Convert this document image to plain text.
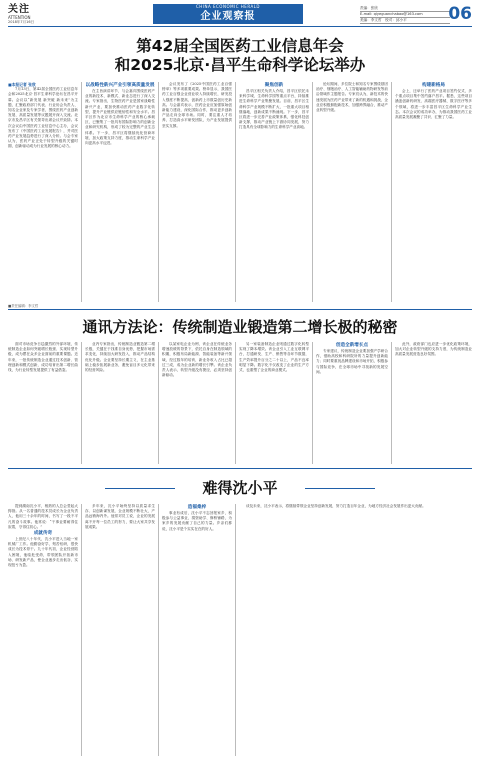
关注
ATTENTION
2018年7月16日
CHINA ECONOMIC HERALD
企业观察报
责编：张欣
E-mail: qiyeguanchabao@163.com
美编：李文哲　校对：邱小平	06
第42届全国医药工业信息年会
和2025北京·昌平生命科学论坛举办

■本报记者 张欣

7月13日，第42届全国医药工业信息年会和2025北京·昌平生命科学论坛在昌平开幕。会议以“新发展 新突破 新未来”为主题，汇聚政府部门代表、行业协会负责人、知名企业家及专家学者，围绕医药产业创新发展、高质量发展等议题展开深入交流。北京市及昌平区有关领导出席会议并致辞。本次会议由中国医药工业信息中心主办，会议发布了《中国医药工业发展报告》，并对医药产业发展趋势进行了深入分析。与会专家认为，医药产业正处于转型升级的关键时期，创新驱动成为行业发展的核心动力。

以战略性新兴产业引领高质量发展

在主旨演讲环节，与会嘉宾围绕医药产业的新技术、新模式、新业态进行了深入交流。专家指出，生物医药产业是国家战略性新兴产业，要加快推动医药产业数字化转型，提升产业链供应链韧性和安全水平。昌平区作为北京市生命科学产业的核心承载区，已聚集了一批具有国际影响力的创新企业和研究机构，形成了较为完整的产业生态体系。下一步，昌平区将继续优化营商环境，加大政策支持力度，推动生命科学产业向更高水平迈进。

会议发布了《2025中国医药工业百强榜单》等多项重要成果。榜单显示，我国医药工业百强企业营业收入持续增长，研发投入强度不断提高，创新药上市数量创历史新高。与会嘉宾表示，医药企业应加强原始创新能力建设，深化国际合作，推动更多创新产品走向全球市场。同时，要注重人才培养，打造高水平研发团队，为产业发展提供坚实支撑。

聚焦创新

昌平区相关负责人介绍，昌平区依托未来科学城、生命科学园等重点平台，持续推进生命科学产业集聚发展。目前，昌平区生命科学产业规模不断扩大，一批重大项目相继落地，创新成果不断涌现。下一步，昌平区将进一步完善产业政策体系，强化科技创新支撑，推动产业链上下游协同发展，努力打造具有全球影响力的生命科学产业高地。

论坛期间，多位院士和知名专家围绕基因治疗、细胞治疗、人工智能辅助药物研发等前沿领域作主题报告。专家们认为，新技术的快速发展为医药产业带来了新的机遇和挑战，企业应积极拥抱新技术，加强跨界融合，推动产业转型升级。

构建新格局

会上，还举行了医药产业项目签约仪式，多个重点项目集中签约落户昌平。据悉，这些项目涵盖创新药研发、高端医疗器械、数字医疗等多个领域，将进一步丰富昌平区生命科学产业生态。本次会议的成功举办，为推动我国医药工业高质量发展凝聚了共识、汇聚了力量。

■责任编辑：李文哲
通讯方法论：传统制造业锻造第二增长极的秘密

面对市场竞争日趋激烈的外部环境，传统制造企业如何突破增长瓶颈、实现转型升级，成为摆在众多企业面前的重要课题。近年来，一批传统制造企业通过技术创新、管理创新和模式创新，成功培育出第二增长曲线，为行业转型发展提供了有益借鉴。

业内专家指出，传统制造业锻造第二增长极，关键在于找准自身优势，把握市场需求变化，持续加大研发投入，推动产品结构优化升级。企业要坚持长期主义，在主业基础上稳步拓展新业务，避免盲目多元化带来的经营风险。

以某家电企业为例，该企业在传统业务增速放缓的背景下，依托自身在制造领域的积累，积极布局新能源、智能装备等新兴领域，经过数年的培育，新业务收入占比已超过三成，成为企业新的增长引擎。该企业负责人表示，转型升级没有捷径，必须坚持创新驱动。

另一家装备制造企业则通过数字化转型实现了降本增效。该企业引入工业互联网平台，打通研发、生产、销售等各环节数据，生产效率提升百分之二十以上，产品不良率明显下降。数字化不仅改变了企业的生产方式，也重塑了企业的商业模式。

创造全新增长点

专家建议，传统制造企业要加强产学研合作，借助高校和科研院所的力量提升创新能力；同时要重视品牌建设和市场开拓，积极参与国际竞争，在全球市场中寻找新的发展空间。

此外，政府部门也应进一步优化政策环境，加大对企业转型升级的支持力度，为传统制造业高质量发展营造良好氛围。

难得沈小平

提到湖南沈小平，相熟的人总会竖起大拇指。从一名普通的技术员成长为企业负责人，他用三十余年的时间，书写了一段不平凡的奋斗故事。他常说：“干事业要耐得住寂寞，守得住初心。”

成就传奇

上世纪八十年代，沈小平进入当地一家机械厂工作。他勤奋好学，刻苦钻研，很快成长为技术骨干。九十年代初，企业经营陷入困境，他临危受命，带领团队开拓新市场、研发新产品，使企业逐步走出低谷，实现扭亏为盈。

多年来，沈小平始终坚持以质量求生存、以创新谋发展，企业规模不断壮大，产品远销海内外。他常对员工说，企业的发展离不开每一位员工的努力，要让大家共享发展成果。

造福桑梓

事业有成后，沈小平不忘回报家乡，积极参与公益事业，捐资助学、修桥铺路，为家乡的发展贡献了自己的力量。乡亲们都说，沈小平是个实实在在的好人。

谈及未来，沈小平表示，将继续带领企业坚持创新发展，努力打造百年企业，为地方经济社会发展作出更大贡献。
